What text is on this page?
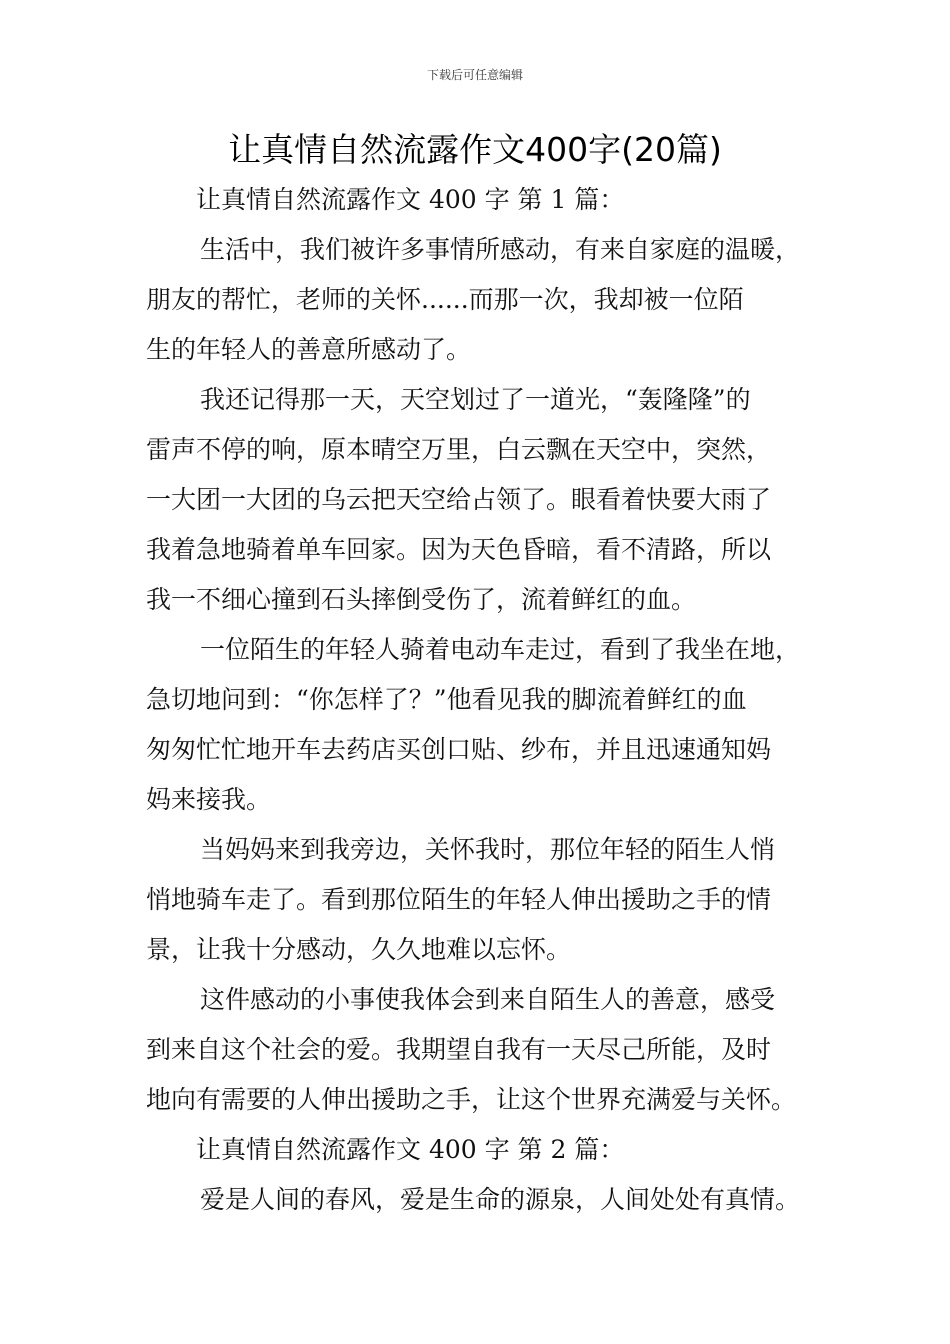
下载后可任意编辑
让真情自然流露作文400字(20篇)
让真情自然流露作文 400 字 第 1 篇：
生活中，我们被许多事情所感动，有来自家庭的温暖，
朋友的帮忙，老师的关怀......而那一次，我却被一位陌
生的年轻人的善意所感动了。
我还记得那一天，天空划过了一道光，“轰隆隆”的
雷声不停的响，原本晴空万里，白云飘在天空中，突然，
一大团一大团的乌云把天空给占领了。眼看着快要大雨了
我着急地骑着单车回家。因为天色昏暗，看不清路，所以
我一不细心撞到石头摔倒受伤了，流着鲜红的血。
一位陌生的年轻人骑着电动车走过，看到了我坐在地，
急切地问到：“你怎样了？”他看见我的脚流着鲜红的血
匆匆忙忙地开车去药店买创口贴、纱布，并且迅速通知妈
妈来接我。
当妈妈来到我旁边，关怀我时，那位年轻的陌生人悄
悄地骑车走了。看到那位陌生的年轻人伸出援助之手的情
景，让我十分感动，久久地难以忘怀。
这件感动的小事使我体会到来自陌生人的善意，感受
到来自这个社会的爱。我期望自我有一天尽己所能，及时
地向有需要的人伸出援助之手，让这个世界充满爱与关怀。
让真情自然流露作文 400 字 第 2 篇：
爱是人间的春风，爱是生命的源泉，人间处处有真情。
